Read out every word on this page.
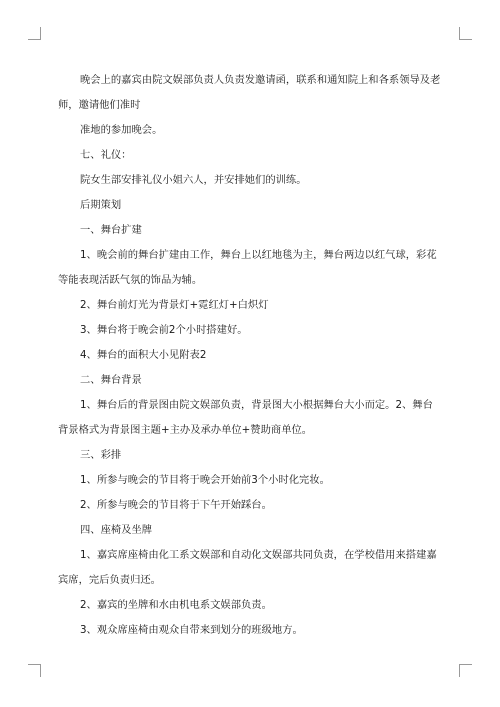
晚会上的嘉宾由院文娱部负责人负责发邀请函，联系和通知院上和各系领导及老师，邀请他们准时

准地的参加晚会。

七、礼仪：

院女生部安排礼仪小姐六人，并安排她们的训练。

后期策划

一、舞台扩建

1、晚会前的舞台扩建由工作，舞台上以红地毯为主，舞台两边以红气球，彩花等能表现活跃气氛的饰品为辅。

2、舞台前灯光为背景灯+霓红灯+白炽灯

3、舞台将于晚会前2个小时搭建好。

4、舞台的面积大小见附表2

二、舞台背景

1、舞台后的背景图由院文娱部负责，背景图大小根据舞台大小而定。2、舞台背景格式为背景图主题+主办及承办单位+赞助商单位。

三、彩排

1、所参与晚会的节目将于晚会开始前3个小时化完妆。

2、所参与晚会的节目将于下午开始踩台。

四、座椅及坐牌

1、嘉宾席座椅由化工系文娱部和自动化文娱部共同负责，在学校借用来搭建嘉宾席，完后负责归还。

2、嘉宾的坐牌和水由机电系文娱部负责。

3、观众席座椅由观众自带来到划分的班级地方。
